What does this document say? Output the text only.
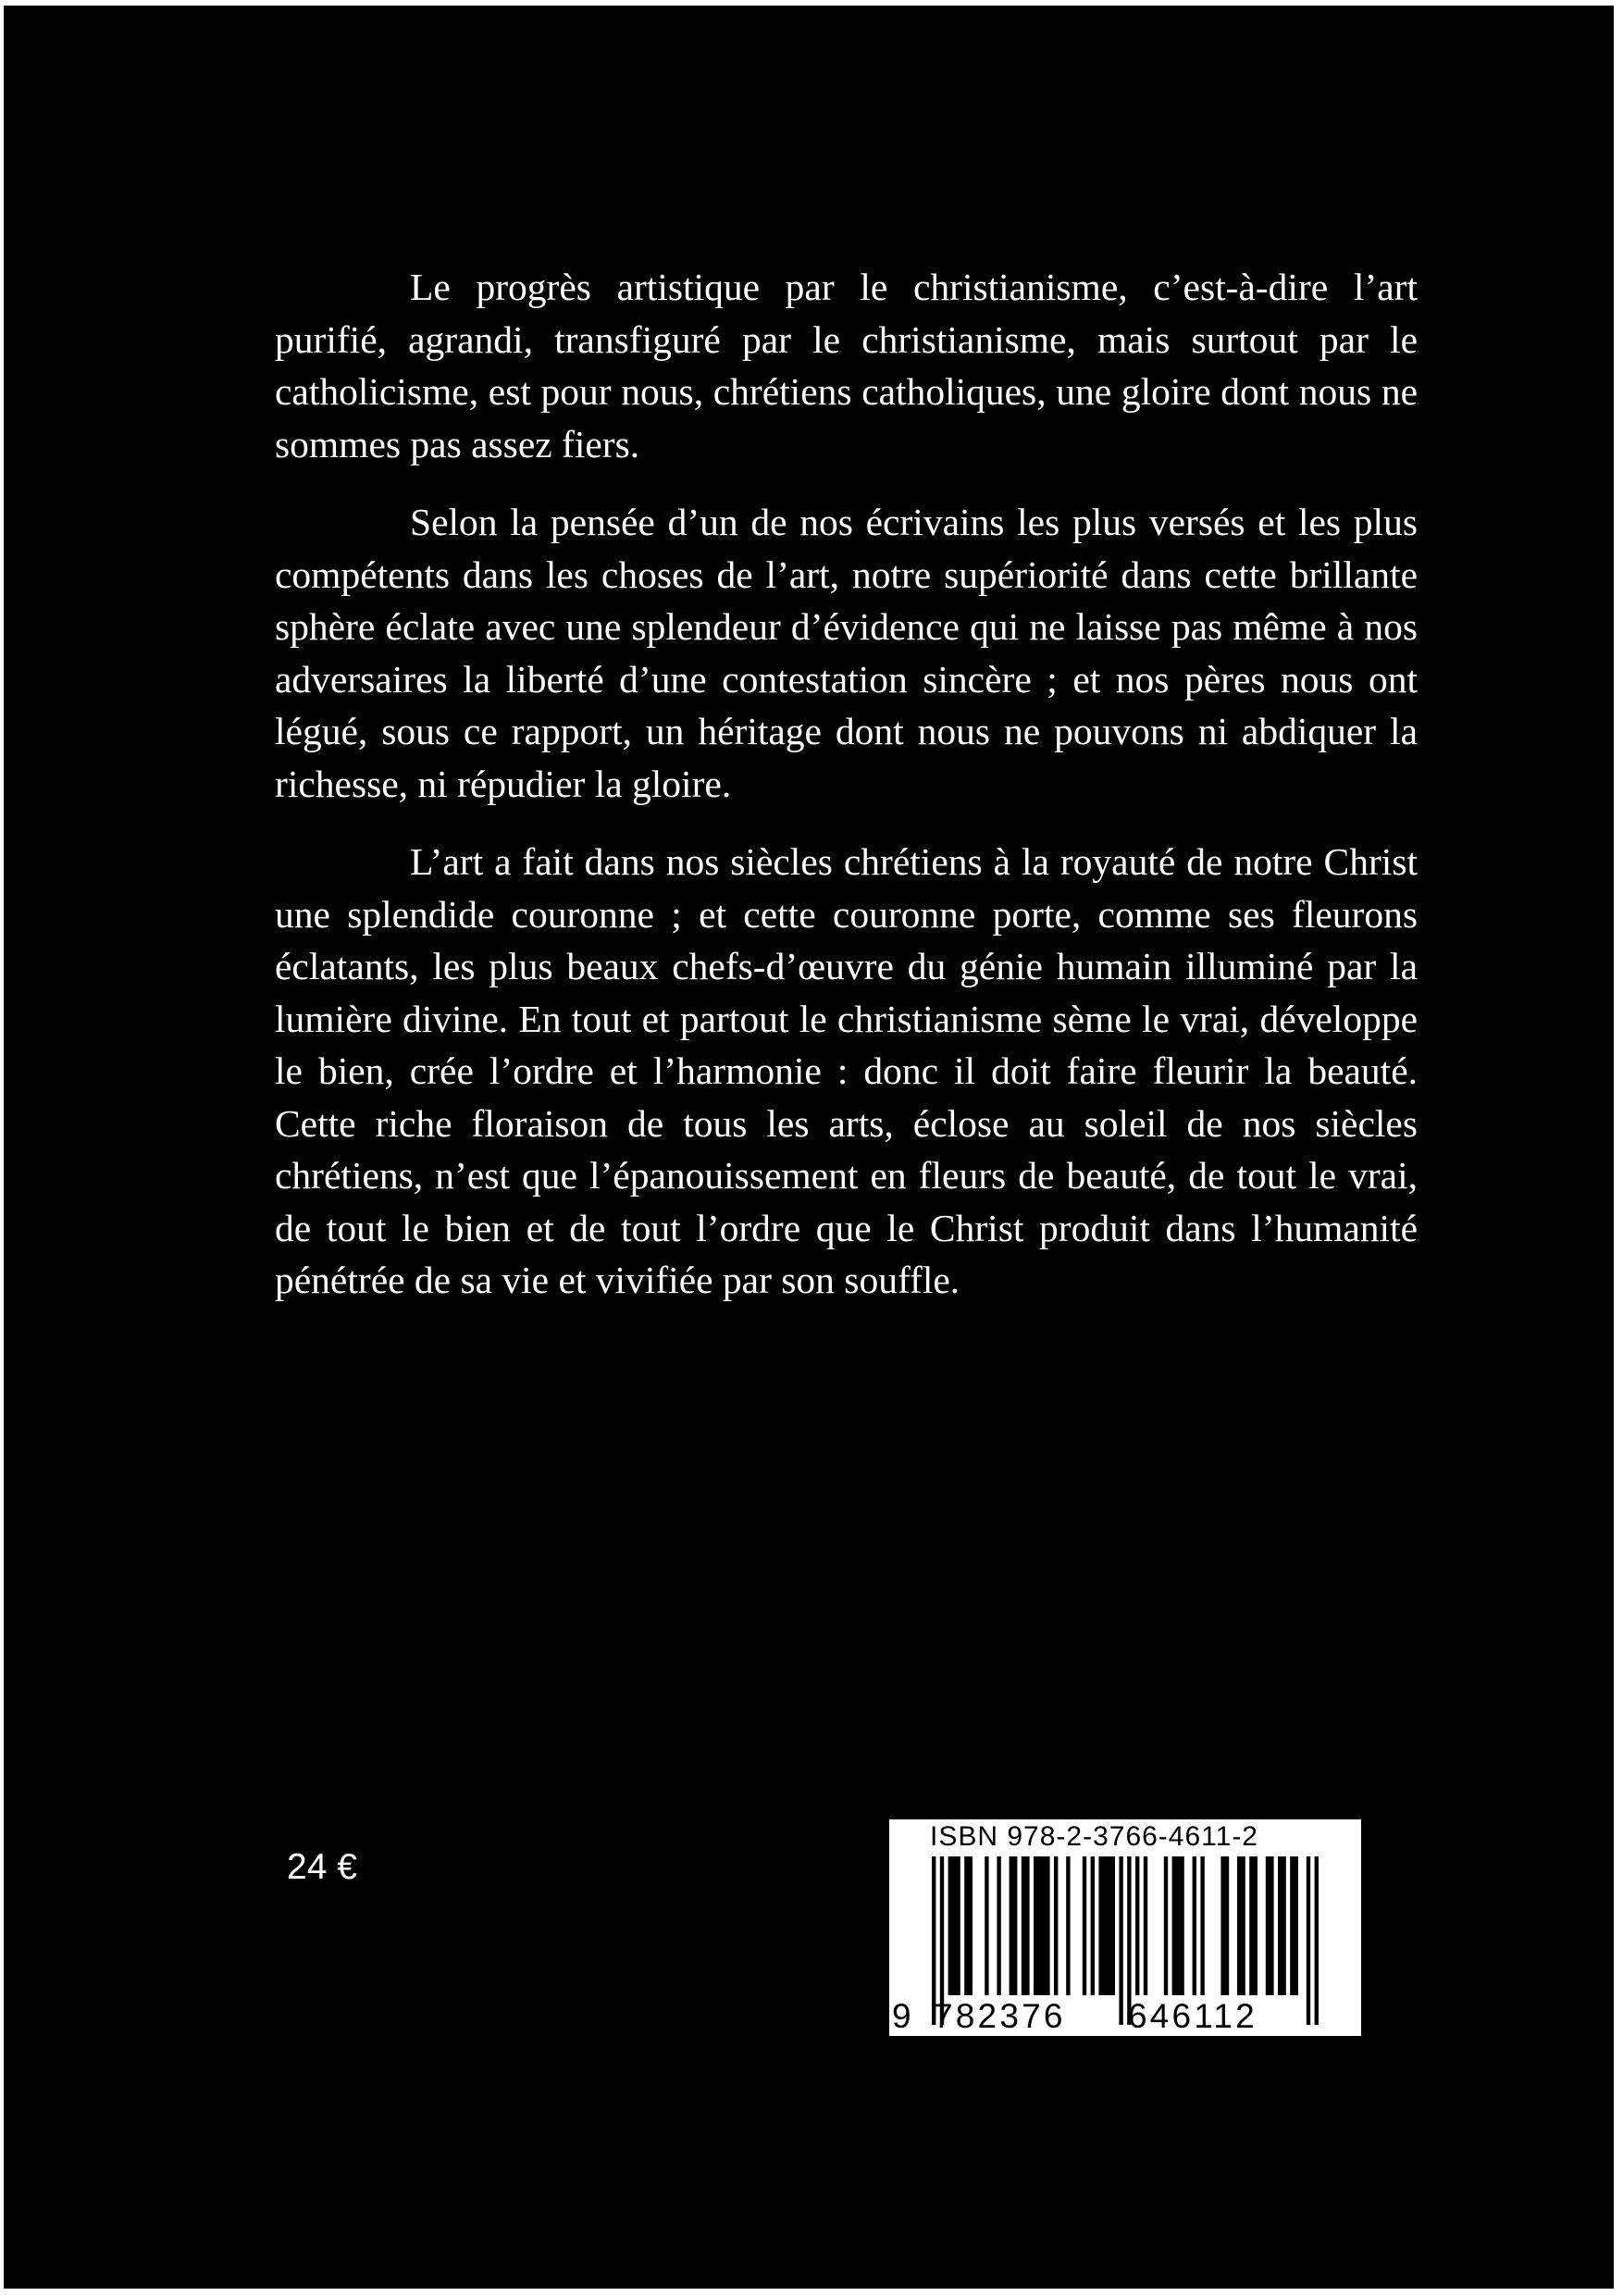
Le progrès artistique par le christianisme, c’est-à-dire l’art purifié, agrandi, transfiguré par le christianisme, mais surtout par le catholicisme, est pour nous, chrétiens catholiques, une gloire dont nous ne sommes pas assez fiers.

Selon la pensée d’un de nos écrivains les plus versés et les plus compétents dans les choses de l’art, notre supériorité dans cette brillante sphère éclate avec une splendeur d’évidence qui ne laisse pas même à nos adversaires la liberté d’une contestation sincère ; et nos pères nous ont légué, sous ce rapport, un héritage dont nous ne pouvons ni abdiquer la richesse, ni répudier la gloire.

L’art a fait dans nos siècles chrétiens à la royauté de notre Christ une splendide couronne ; et cette couronne porte, comme ses fleurons éclatants, les plus beaux chefs-d’œuvre du génie humain illuminé par la lumière divine. En tout et partout le christianisme sème le vrai, développe le bien, crée l’ordre et l’harmonie : donc il doit faire fleurir la beauté. Cette riche floraison de tous les arts, éclose au soleil de nos siècles chrétiens, n’est que l’épanouissement en fleurs de beauté, de tout le vrai, de tout le bien et de tout l’ordre que le Christ produit dans l’humanité pénétrée de sa vie et vivifiée par son souffle.

24 €
ISBN 978-2-3766-4611-2
9 782376 646112
